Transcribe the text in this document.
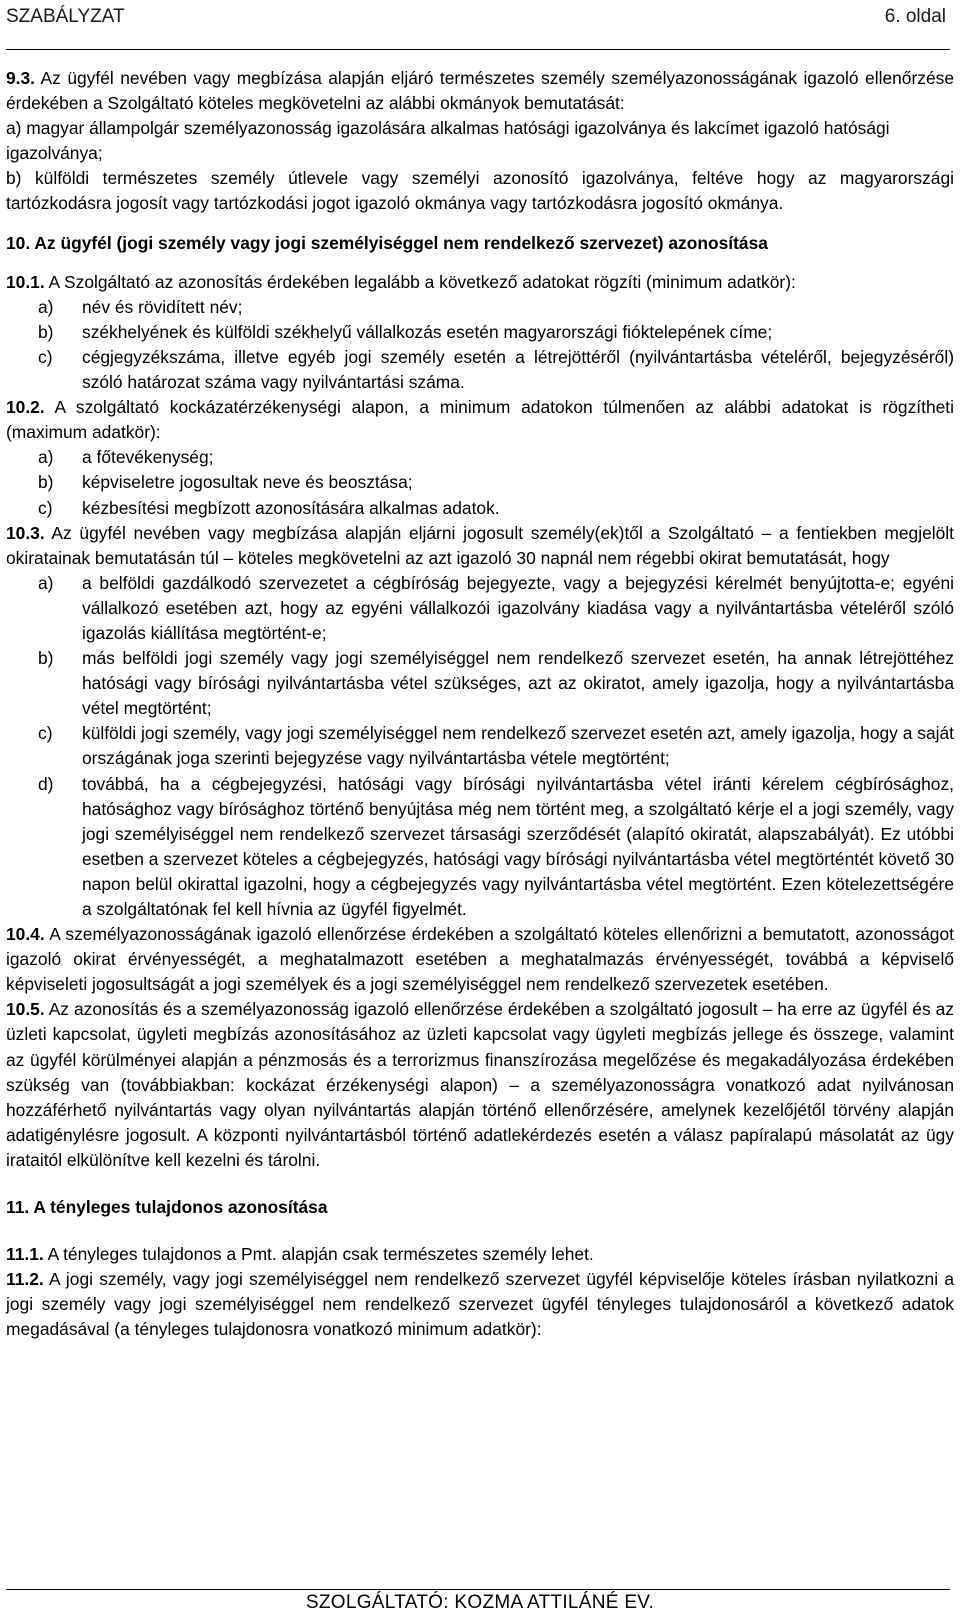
SZABÁLYZAT	6. oldal

9.3. Az ügyfél nevében vagy megbízása alapján eljáró természetes személy személyazonosságának igazoló ellenőrzése érdekében a Szolgáltató köteles megkövetelni az alábbi okmányok bemutatását:

a) magyar állampolgár személyazonosság igazolására alkalmas hatósági igazolványa és lakcímet igazoló hatósági igazolványa;

b) külföldi természetes személy útlevele vagy személyi azonosító igazolványa, feltéve hogy az magyarországi tartózkodásra jogosít vagy tartózkodási jogot igazoló okmánya vagy tartózkodásra jogosító okmánya.

10. Az ügyfél (jogi személy vagy jogi személyiséggel nem rendelkező szervezet) azonosítása

10.1. A Szolgáltató az azonosítás érdekében legalább a következő adatokat rögzíti (minimum adatkör):

a)	név és rövidített név;
b)	székhelyének és külföldi székhelyű vállalkozás esetén magyarországi fióktelepének címe;
c)	cégjegyzékszáma, illetve egyéb jogi személy esetén a létrejöttéről (nyilvántartásba vételéről, bejegyzéséről) szóló határozat száma vagy nyilvántartási száma.

10.2. A szolgáltató kockázatérzékenységi alapon, a minimum adatokon túlmenően az alábbi adatokat is rögzítheti (maximum adatkör):

a)	a főtevékenység;
b)	képviseletre jogosultak neve és beosztása;
c)	kézbesítési megbízott azonosítására alkalmas adatok.

10.3. Az ügyfél nevében vagy megbízása alapján eljárni jogosult személy(ek)től a Szolgáltató – a fentiekben megjelölt okiratainak bemutatásán túl – köteles megkövetelni az azt igazoló 30 napnál nem régebbi okirat bemutatását, hogy

a)	a belföldi gazdálkodó szervezetet a cégbíróság bejegyezte, vagy a bejegyzési kérelmét benyújtotta-e; egyéni vállalkozó esetében azt, hogy az egyéni vállalkozói igazolvány kiadása vagy a nyilvántartásba vételéről szóló igazolás kiállítása megtörtént-e;
b)	más belföldi jogi személy vagy jogi személyiséggel nem rendelkező szervezet esetén, ha annak létrejöttéhez hatósági vagy bírósági nyilvántartásba vétel szükséges, azt az okiratot, amely igazolja, hogy a nyilvántartásba vétel megtörtént;
c)	külföldi jogi személy, vagy jogi személyiséggel nem rendelkező szervezet esetén azt, amely igazolja, hogy a saját országának joga szerinti bejegyzése vagy nyilvántartásba vétele megtörtént;
d)	továbbá, ha a cégbejegyzési, hatósági vagy bírósági nyilvántartásba vétel iránti kérelem cégbírósághoz, hatósághoz vagy bírósághoz történő benyújtása még nem történt meg, a szolgáltató kérje el a jogi személy, vagy jogi személyiséggel nem rendelkező szervezet társasági szerződését (alapító okiratát, alapszabályát). Ez utóbbi esetben a szervezet köteles a cégbejegyzés, hatósági vagy bírósági nyilvántartásba vétel megtörténtét követő 30 napon belül okirattal igazolni, hogy a cégbejegyzés vagy nyilvántartásba vétel megtörtént. Ezen kötelezettségére a szolgáltatónak fel kell hívnia az ügyfél figyelmét.

10.4. A személyazonosságának igazoló ellenőrzése érdekében a szolgáltató köteles ellenőrizni a bemutatott, azonosságot igazoló okirat érvényességét, a meghatalmazott esetében a meghatalmazás érvényességét, továbbá a képviselő képviseleti jogosultságát a jogi személyek és a jogi személyiséggel nem rendelkező szervezetek esetében.

10.5. Az azonosítás és a személyazonosság igazoló ellenőrzése érdekében a szolgáltató jogosult – ha erre az ügyfél és az üzleti kapcsolat, ügyleti megbízás azonosításához az üzleti kapcsolat vagy ügyleti megbízás jellege és összege, valamint az ügyfél körülményei alapján a pénzmosás és a terrorizmus finanszírozása megelőzése és megakadályozása érdekében szükség van (továbbiakban: kockázat érzékenységi alapon) – a személyazonosságra vonatkozó adat nyilvánosan hozzáférhető nyilvántartás vagy olyan nyilvántartás alapján történő ellenőrzésére, amelynek kezelőjétől törvény alapján adatigénylésre jogosult. A központi nyilvántartásból történő adatlekérdezés esetén a válasz papíralapú másolatát az ügy irataitól elkülönítve kell kezelni és tárolni.

11. A tényleges tulajdonos azonosítása

11.1. A tényleges tulajdonos a Pmt. alapján csak természetes személy lehet.

11.2. A jogi személy, vagy jogi személyiséggel nem rendelkező szervezet ügyfél képviselője köteles írásban nyilatkozni a jogi személy vagy jogi személyiséggel nem rendelkező szervezet ügyfél tényleges tulajdonosáról a következő adatok megadásával (a tényleges tulajdonosra vonatkozó minimum adatkör):

SZOLGÁLTATÓ: KOZMA ATTILÁNÉ EV.
